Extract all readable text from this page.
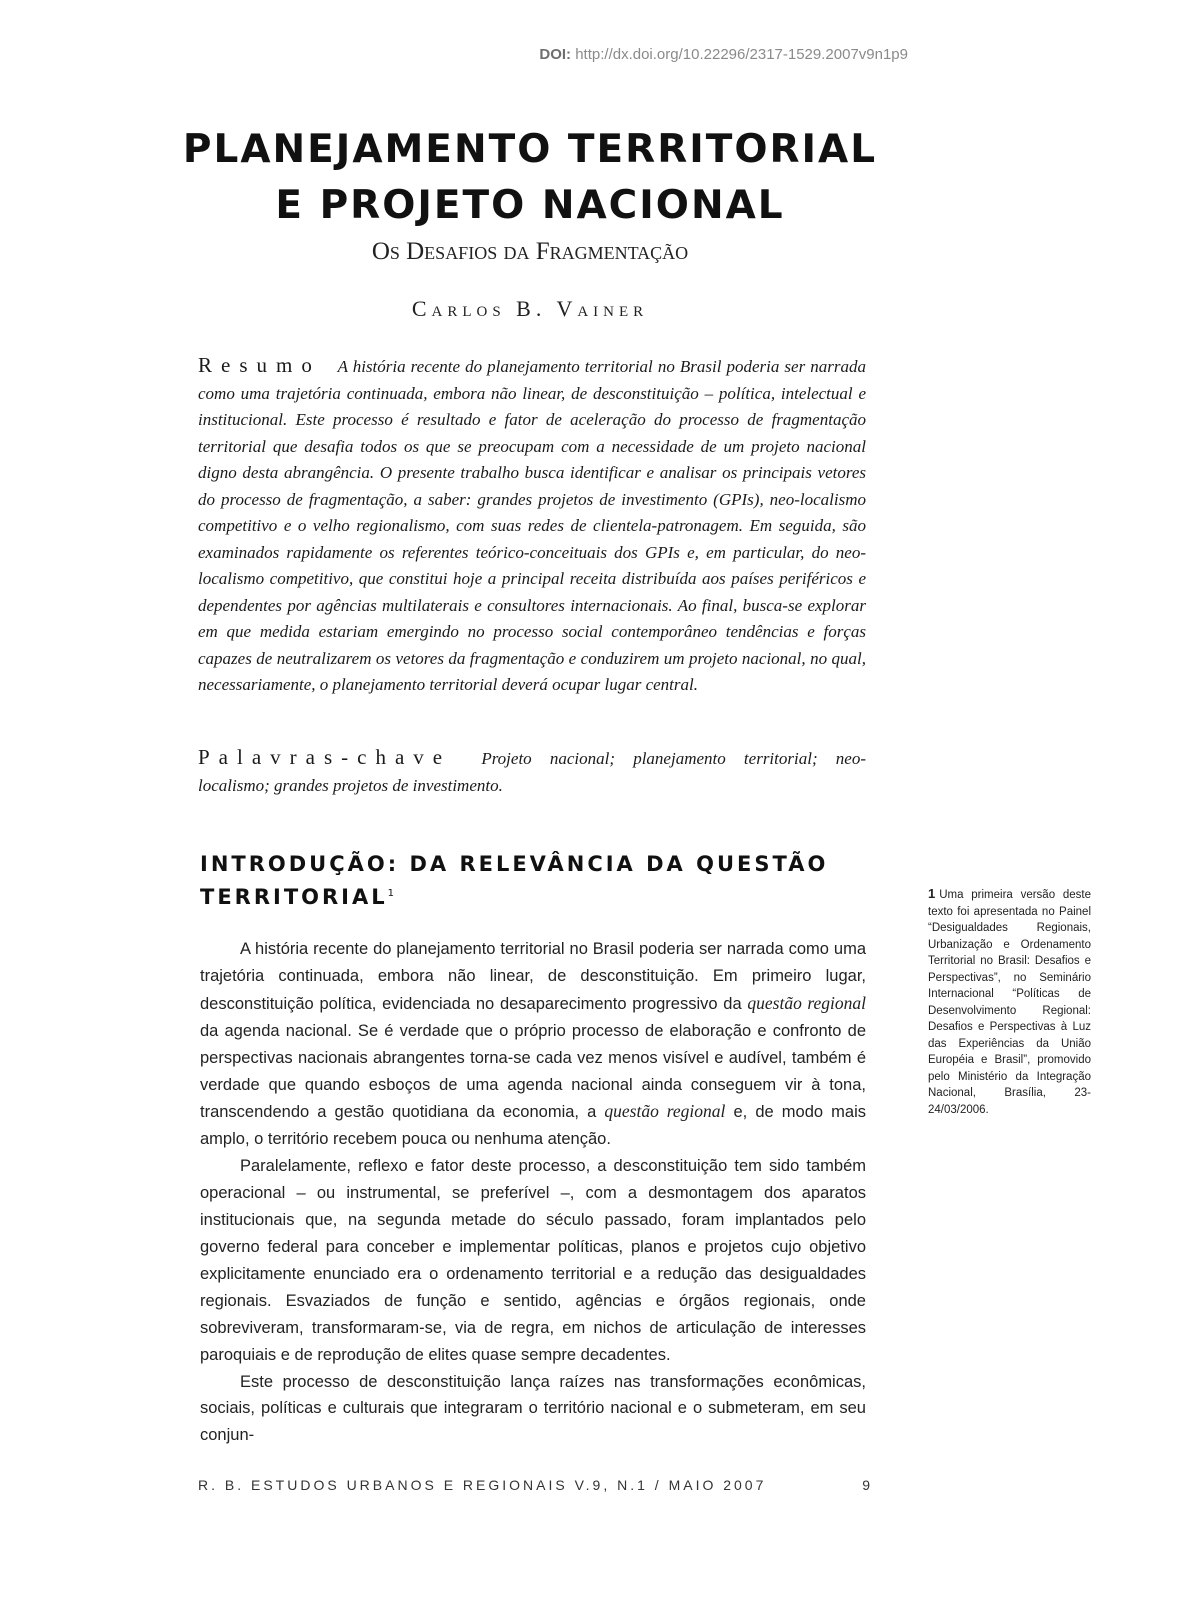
DOI: http://dx.doi.org/10.22296/2317-1529.2007v9n1p9
PLANEJAMENTO TERRITORIAL
E PROJETO NACIONAL
Os Desafios da Fragmentação
Carlos B. Vainer
Resumo A história recente do planejamento territorial no Brasil poderia ser narrada como uma trajetória continuada, embora não linear, de desconstituição – política, intelectual e institucional. Este processo é resultado e fator de aceleração do processo de fragmentação territorial que desafia todos os que se preocupam com a necessidade de um projeto nacional digno desta abrangência. O presente trabalho busca identificar e analisar os principais vetores do processo de fragmentação, a saber: grandes projetos de investimento (GPIs), neo-localismo competitivo e o velho regionalismo, com suas redes de clientela-patronagem. Em seguida, são examinados rapidamente os referentes teórico-conceituais dos GPIs e, em particular, do neo-localismo competitivo, que constitui hoje a principal receita distribuída aos países periféricos e dependentes por agências multilaterais e consultores internacionais. Ao final, busca-se explorar em que medida estariam emergindo no processo social contemporâneo tendências e forças capazes de neutralizarem os vetores da fragmentação e conduzirem um projeto nacional, no qual, necessariamente, o planejamento territorial deverá ocupar lugar central.
Palavras-chave Projeto nacional; planejamento territorial; neo-localismo; grandes projetos de investimento.
INTRODUÇÃO: DA RELEVÂNCIA DA QUESTÃO TERRITORIAL$^1$

A história recente do planejamento territorial no Brasil poderia ser narrada como uma trajetória continuada, embora não linear, de desconstituição. Em primeiro lugar, desconstituição política, evidenciada no desaparecimento progressivo da questão regional da agenda nacional. Se é verdade que o próprio processo de elaboração e confronto de perspectivas nacionais abrangentes torna-se cada vez menos visível e audível, também é verdade que quando esboços de uma agenda nacional ainda conseguem vir à tona, transcendendo a gestão quotidiana da economia, a questão regional e, de modo mais amplo, o território recebem pouca ou nenhuma atenção.

Paralelamente, reflexo e fator deste processo, a desconstituição tem sido também operacional – ou instrumental, se preferível –, com a desmontagem dos aparatos institucionais que, na segunda metade do século passado, foram implantados pelo governo federal para conceber e implementar políticas, planos e projetos cujo objetivo explicitamente enunciado era o ordenamento territorial e a redução das desigualdades regionais. Esvaziados de função e sentido, agências e órgãos regionais, onde sobreviveram, transformaram-se, via de regra, em nichos de articulação de interesses paroquiais e de reprodução de elites quase sempre decadentes.

Este processo de desconstituição lança raízes nas transformações econômicas, sociais, políticas e culturais que integraram o território nacional e o submeteram, em seu conjun-

1 Uma primeira versão deste texto foi apresentada no Painel “Desigualdades Regionais, Urbanização e Ordenamento Territorial no Brasil: Desafios e Perspectivas”, no Seminário Internacional “Políticas de Desenvolvimento Regional: Desafios e Perspectivas à Luz das Experiências da União Européia e Brasil”, promovido pelo Ministério da Integração Nacional, Brasília, 23-24/03/2006.
R. B. ESTUDOS URBANOS E REGIONAIS V.9, N.1 / MAIO 2007	9
